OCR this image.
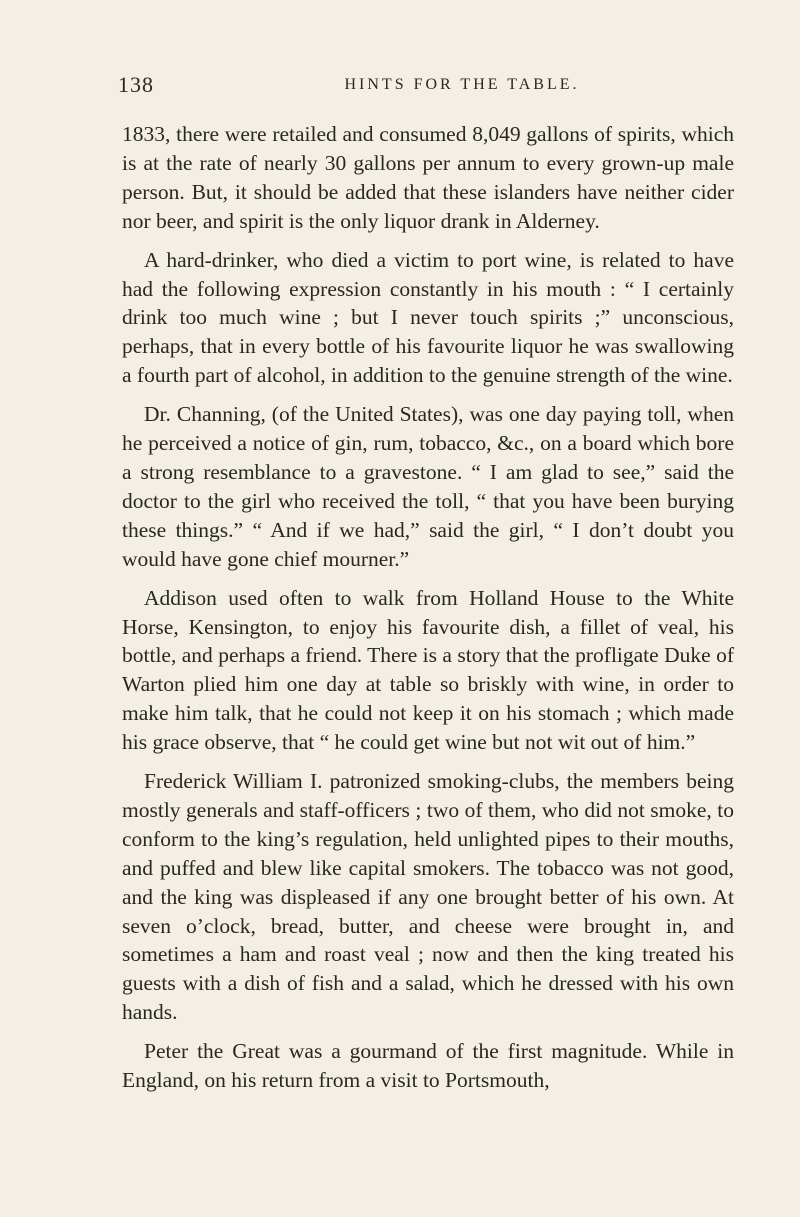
138	HINTS FOR THE TABLE.

1833, there were retailed and consumed 8,049 gallons of spirits, which is at the rate of nearly 30 gallons per annum to every grown-up male person. But, it should be added that these islanders have neither cider nor beer, and spirit is the only liquor drank in Alderney.

A hard-drinker, who died a victim to port wine, is related to have had the following expression constantly in his mouth : “ I certainly drink too much wine ; but I never touch spirits ;” unconscious, perhaps, that in every bottle of his favourite liquor he was swallowing a fourth part of alcohol, in addition to the genuine strength of the wine.

Dr. Channing, (of the United States), was one day paying toll, when he perceived a notice of gin, rum, tobacco, &c., on a board which bore a strong resemblance to a gravestone. “ I am glad to see,” said the doctor to the girl who received the toll, “ that you have been burying these things.” “ And if we had,” said the girl, “ I don’t doubt you would have gone chief mourner.”

Addison used often to walk from Holland House to the White Horse, Kensington, to enjoy his favourite dish, a fillet of veal, his bottle, and perhaps a friend. There is a story that the profligate Duke of Warton plied him one day at table so briskly with wine, in order to make him talk, that he could not keep it on his stomach ; which made his grace observe, that “ he could get wine but not wit out of him.”

Frederick William I. patronized smoking-clubs, the members being mostly generals and staff-officers ; two of them, who did not smoke, to conform to the king’s regulation, held unlighted pipes to their mouths, and puffed and blew like capital smokers. The tobacco was not good, and the king was displeased if any one brought better of his own. At seven o’clock, bread, butter, and cheese were brought in, and sometimes a ham and roast veal ; now and then the king treated his guests with a dish of fish and a salad, which he dressed with his own hands.

Peter the Great was a gourmand of the first magnitude. While in England, on his return from a visit to Portsmouth,
